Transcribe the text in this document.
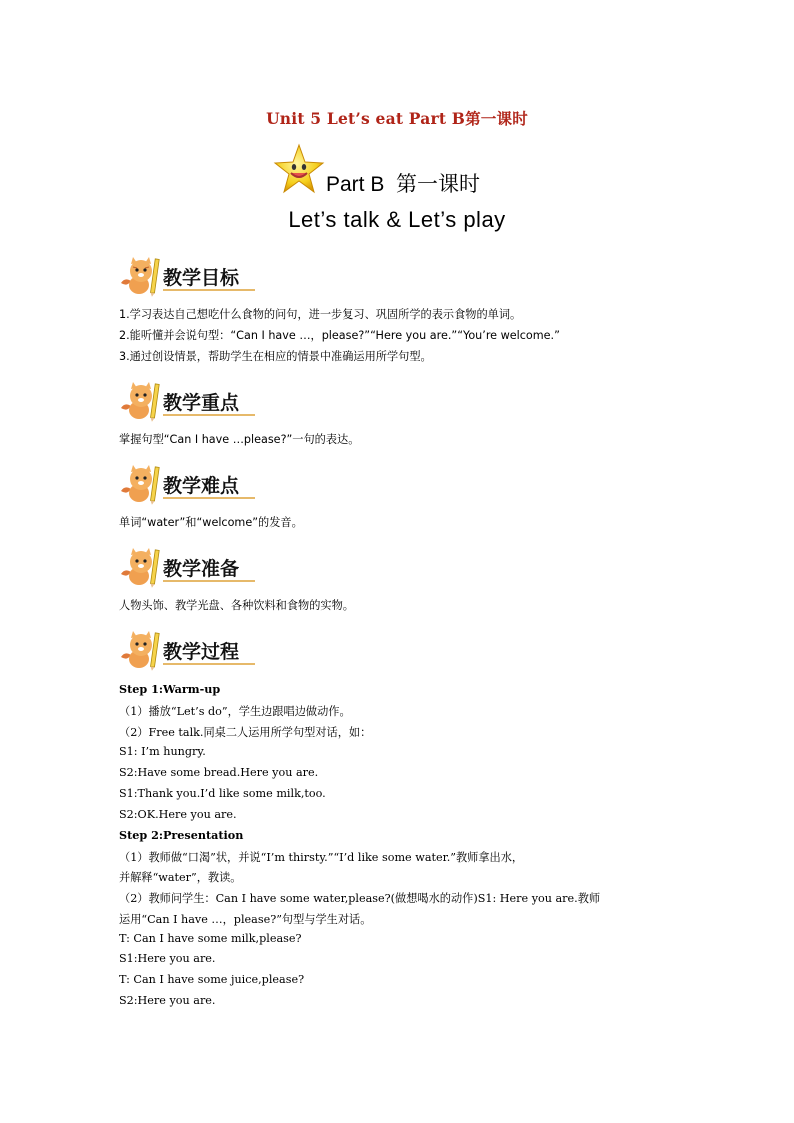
Unit 5 Let’s eat Part B第一课时
Part B  第一课时
Let’s talk & Let’s play
教学目标
1.学习表达自己想吃什么食物的问句，进一步复习、巩固所学的表示食物的单词。
2.能听懂并会说句型：“Can I have …，please?”“Here you are.”“You’re welcome.”
3.通过创设情景，帮助学生在相应的情景中准确运用所学句型。
教学重点
掌握句型“Can I have …please?”一句的表达。
教学难点
单词“water”和“welcome”的发音。
教学准备
人物头饰、教学光盘、各种饮料和食物的实物。
教学过程
Step 1:Warm-up
（1）播放“Let’s do”，学生边跟唱边做动作。
（2）Free talk.同桌二人运用所学句型对话，如：
S1: I’m hungry.
S2:Have some bread.Here you are.
S1:Thank you.I’d like some milk,too.
S2:OK.Here you are.
Step 2:Presentation
（1）教师做“口渴”状，并说“I’m thirsty.”“I’d like some water.”教师拿出水，
并解释“water”，教读。
（2）教师问学生：Can I have some water,please?(做想喝水的动作)S1: Here you are.教师
运用“Can I have …，please?”句型与学生对话。
T: Can I have some milk,please?
S1:Here you are.
T: Can I have some juice,please?
S2:Here you are.
